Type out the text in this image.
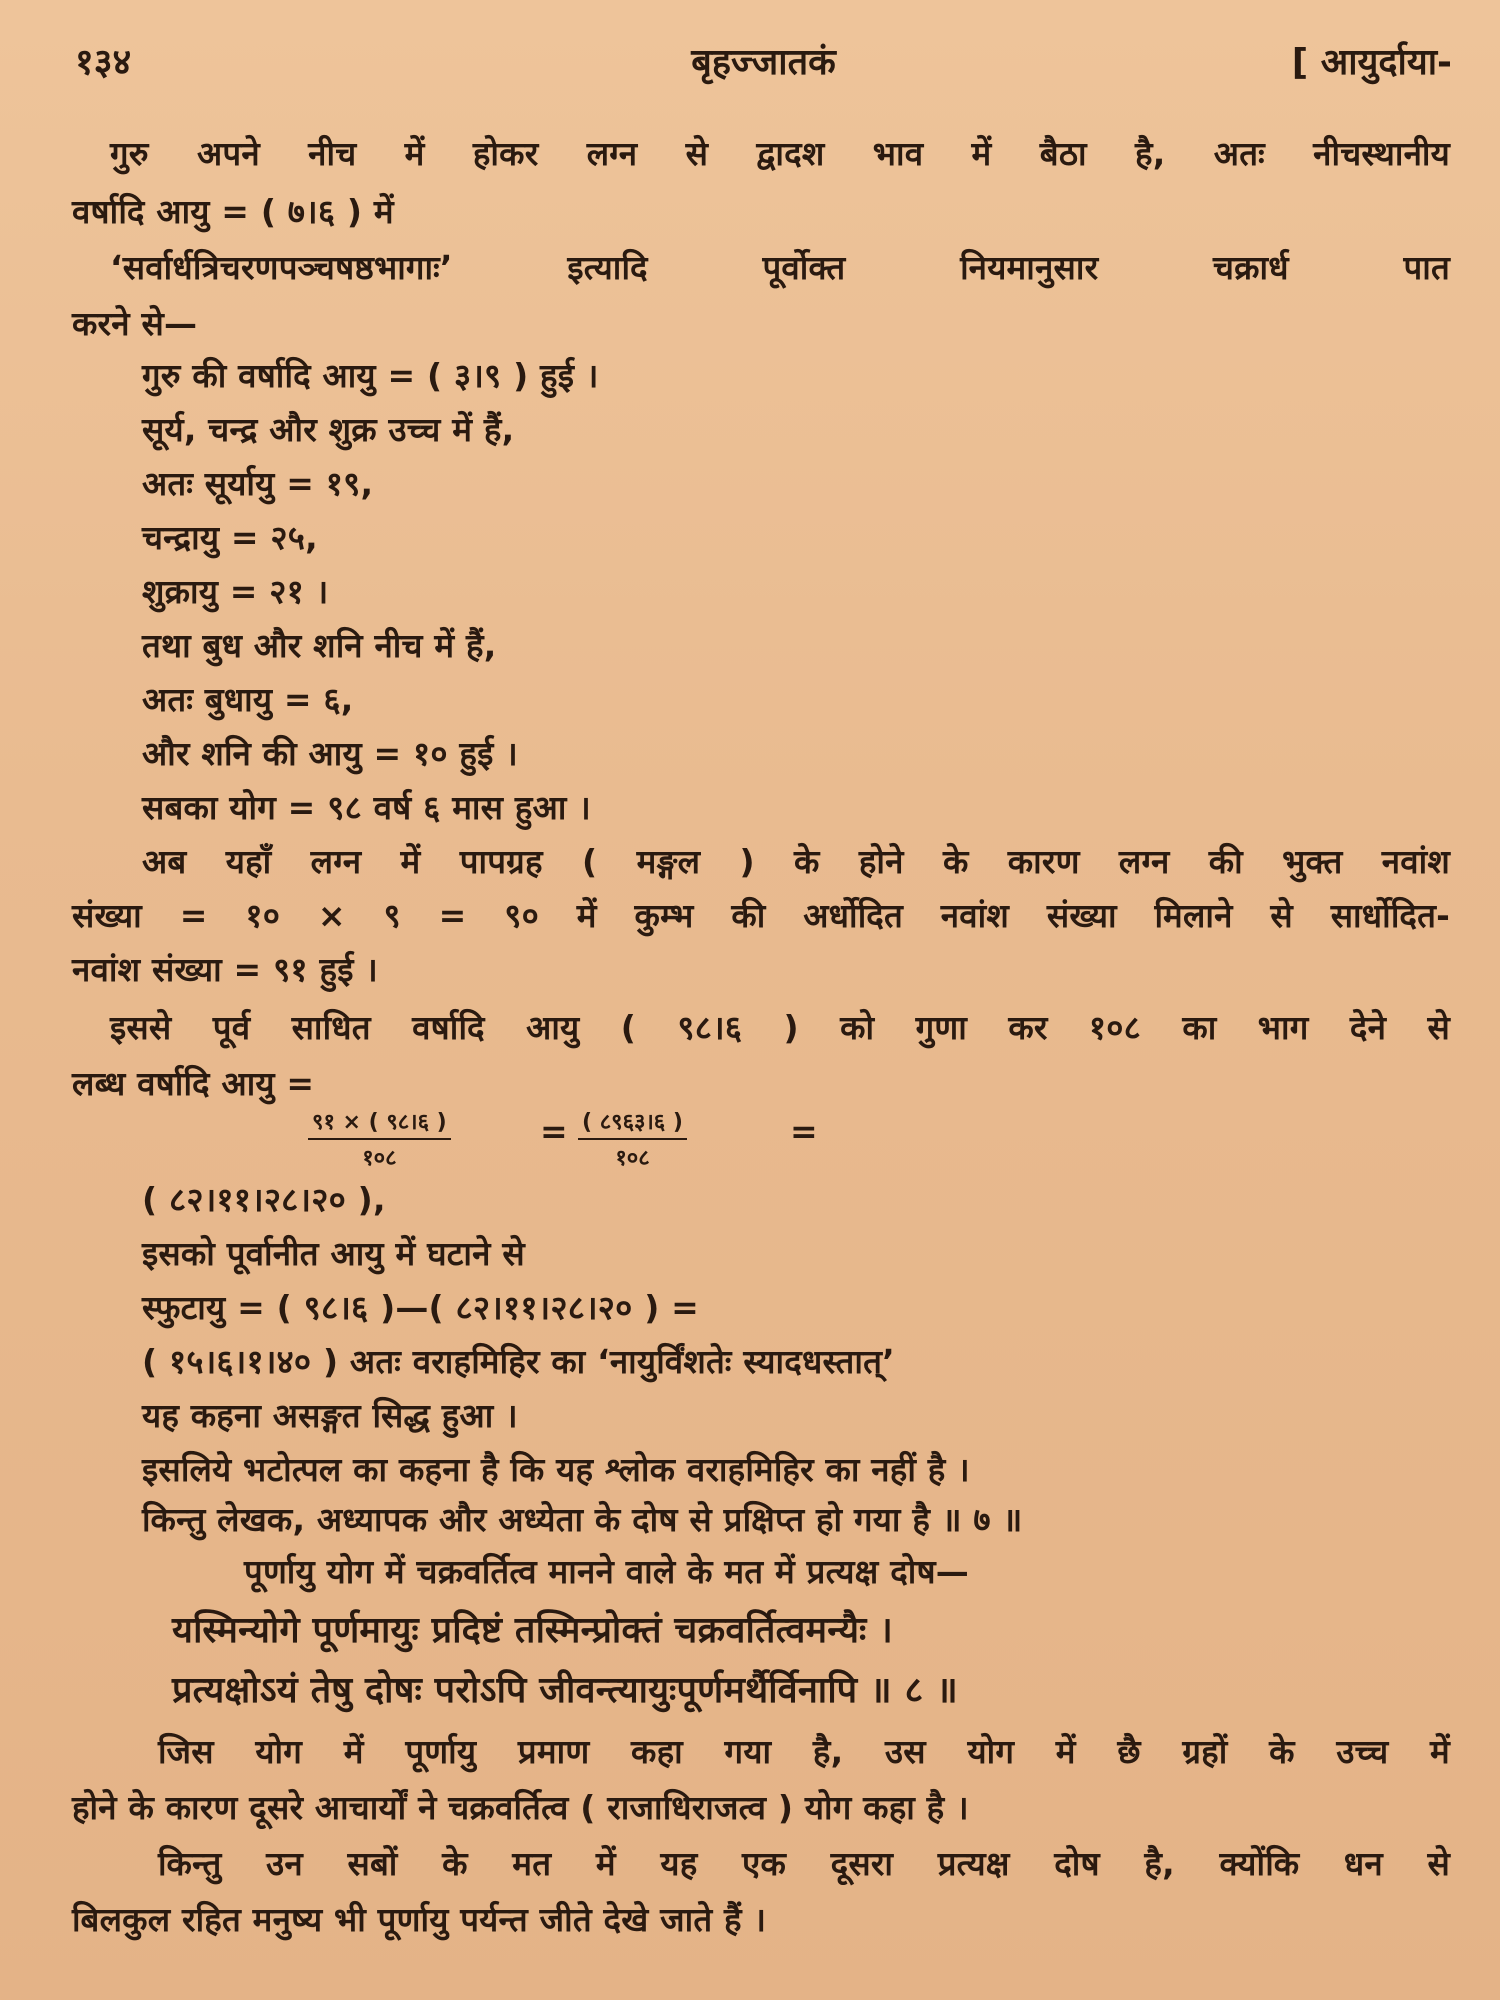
१३४	बृहज्जातकं	[ आयुर्दाया-
गुरु अपने नीच में होकर लग्न से द्वादश भाव में बैठा है, अतः नीचस्थानीय
वर्षादि आयु = ( ७।६ ) में
‘सर्वार्धत्रिचरणपञ्चषष्ठभागाः’ इत्यादि पूर्वोक्त नियमानुसार चक्रार्ध पात
करने से—
गुरु की वर्षादि आयु = ( ३।९ ) हुई ।
सूर्य, चन्द्र और शुक्र उच्च में हैं,
अतः सूर्यायु = १९,
चन्द्रायु = २५,
शुक्रायु = २१ ।
तथा बुध और शनि नीच में हैं,
अतः बुधायु = ६,
और शनि की आयु = १० हुई ।
सबका योग = ९८ वर्ष ६ मास हुआ ।
अब यहाँ लग्न में पापग्रह ( मङ्गल ) के होने के कारण लग्न की भुक्त नवांश
संख्या = १० × ९ = ९० में कुम्भ की अर्धोदित नवांश संख्या मिलाने से सार्धोदित-
नवांश संख्या = ९१ हुई ।
इससे पूर्व साधित वर्षादि आयु ( ९८।६ ) को गुणा कर १०८ का भाग देने से
लब्ध वर्षादि आयु =
९१ × ( ९८।६ )
१०८
= ( ८९६३।६ )
१०८
=
( ८२।११।२८।२० ),
इसको पूर्वानीत आयु में घटाने से
स्फुटायु = ( ९८।६ )—( ८२।११।२८।२० ) =
( १५।६।१।४० ) अतः वराहमिहिर का ‘नायुर्विंशतेः स्यादधस्तात्’
यह कहना असङ्गत सिद्ध हुआ ।
इसलिये भटोत्पल का कहना है कि यह श्लोक वराहमिहिर का नहीं है ।
किन्तु लेखक, अध्यापक और अध्येता के दोष से प्रक्षिप्त हो गया है ॥ ७ ॥
पूर्णायु योग में चक्रवर्तित्व मानने वाले के मत में प्रत्यक्ष दोष—
यस्मिन्योगे पूर्णमायुः प्रदिष्टं तस्मिन्प्रोक्तं चक्रवर्तित्वमन्यैः ।
प्रत्यक्षोऽयं तेषु दोषः परोऽपि जीवन्त्यायुःपूर्णमर्थैर्विनापि ॥ ८ ॥
जिस योग में पूर्णायु प्रमाण कहा गया है, उस योग में छै ग्रहों के उच्च में
होने के कारण दूसरे आचार्यों ने चक्रवर्तित्व ( राजाधिराजत्व ) योग कहा है ।
किन्तु उन सबों के मत में यह एक दूसरा प्रत्यक्ष दोष है, क्योंकि धन से
बिलकुल रहित मनुष्य भी पूर्णायु पर्यन्त जीते देखे जाते हैं ।
